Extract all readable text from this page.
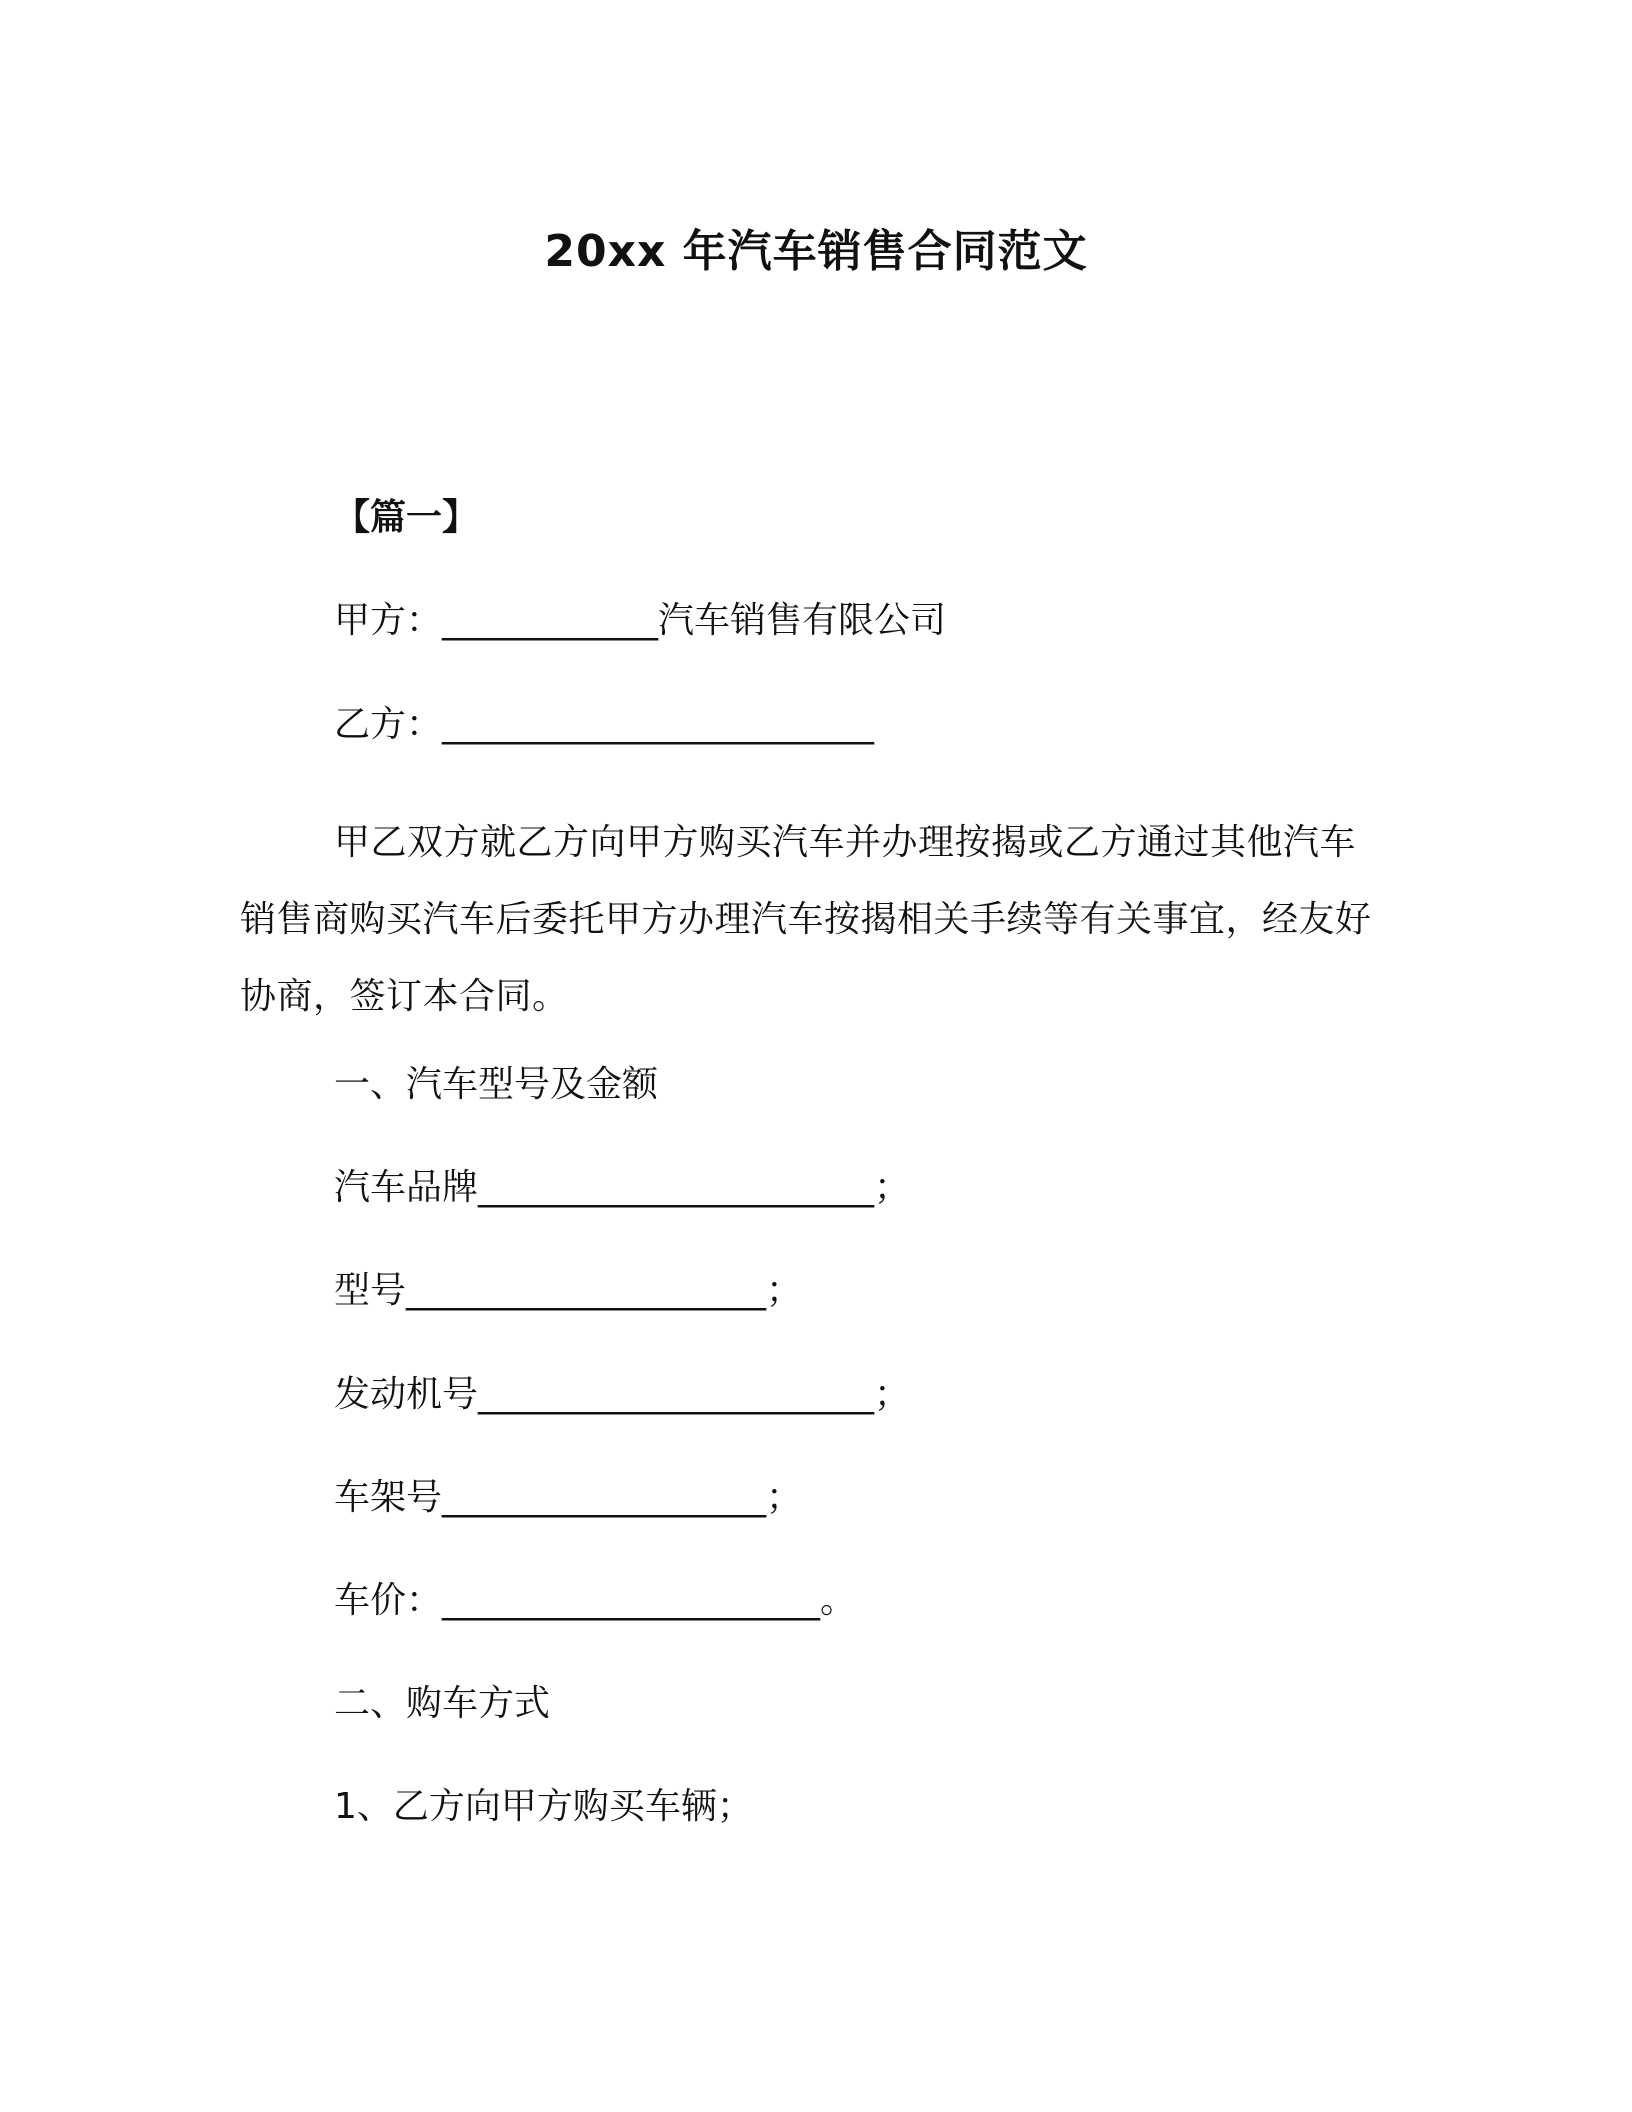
20xx 年汽车销售合同范文
【篇一】
甲方：____________汽车销售有限公司
乙方：________________________
甲乙双方就乙方向甲方购买汽车并办理按揭或乙方通过其他汽车销售商购买汽车后委托甲方办理汽车按揭相关手续等有关事宜，经友好协商，签订本合同。
一、汽车型号及金额
汽车品牌______________________；
型号____________________；
发动机号______________________；
车架号__________________；
车价：_____________________。
二、购车方式
1、乙方向甲方购买车辆；
